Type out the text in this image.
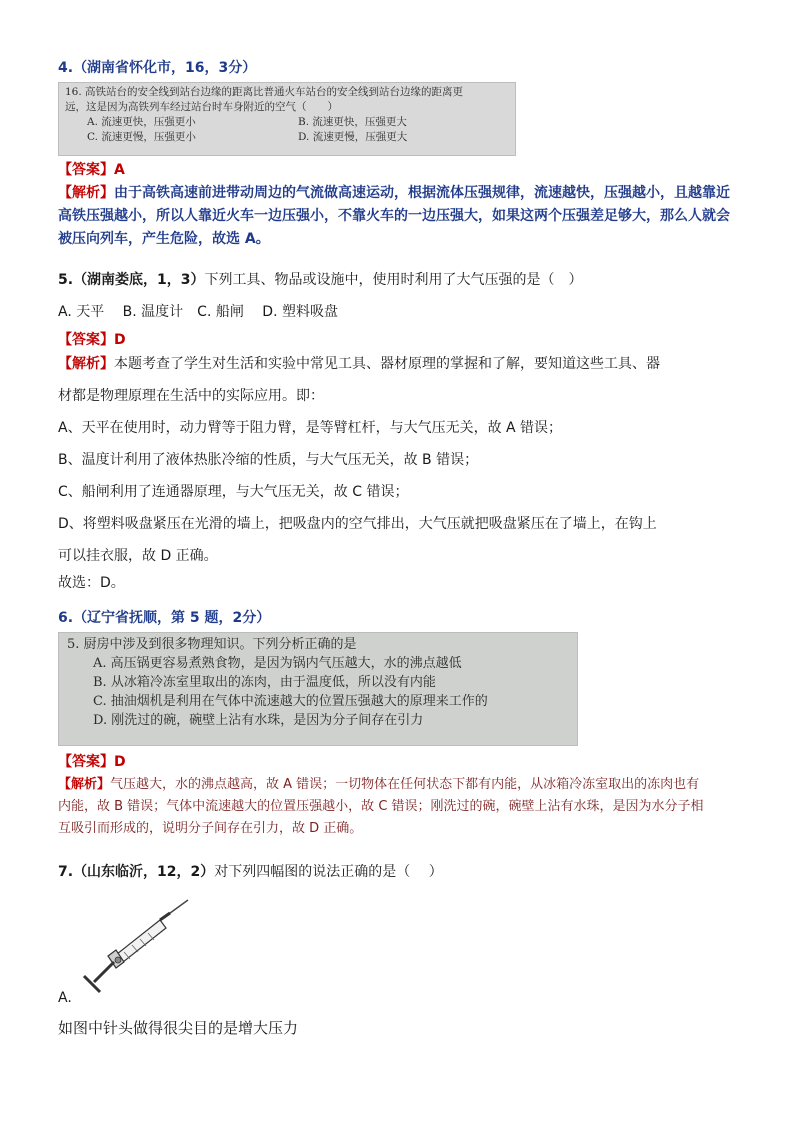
4.（湖南省怀化市，16，3分）
16. 高铁站台的安全线到站台边缘的距离比普通火车站台的安全线到站台边缘的距离更
远，这是因为高铁列车经过站台时车身附近的空气（　　）
A. 流速更快，压强更小	B. 流速更快，压强更大
C. 流速更慢，压强更小	D. 流速更慢，压强更大
【答案】A
【解析】由于高铁高速前进带动周边的气流做高速运动，根据流体压强规律，流速越快，压强越小，且越靠近
高铁压强越小，所以人靠近火车一边压强小，不靠火车的一边压强大，如果这两个压强差足够大，那么人就会
被压向列车，产生危险，故选 A。
5.（湖南娄底，1，3）下列工具、物品或设施中，使用时利用了大气压强的是（　）
A. 天平　 B. 温度计　C. 船闸　 D. 塑料吸盘
【答案】D
【解析】本题考查了学生对生活和实验中常见工具、器材原理的掌握和了解，要知道这些工具、器
材都是物理原理在生活中的实际应用。即：
A、天平在使用时，动力臂等于阻力臂，是等臂杠杆，与大气压无关，故 A 错误；
B、温度计利用了液体热胀冷缩的性质，与大气压无关，故 B 错误；
C、船闸利用了连通器原理，与大气压无关，故 C 错误；
D、将塑料吸盘紧压在光滑的墙上，把吸盘内的空气排出，大气压就把吸盘紧压在了墙上，在钩上
可以挂衣服，故 D 正确。
故选：D。
6.（辽宁省抚顺，第 5 题，2分）
5. 厨房中涉及到很多物理知识。下列分析正确的是
A. 高压锅更容易煮熟食物，是因为锅内气压越大，水的沸点越低
B. 从冰箱冷冻室里取出的冻肉，由于温度低，所以没有内能
C. 抽油烟机是利用在气体中流速越大的位置压强越大的原理来工作的
D. 刚洗过的碗，碗壁上沾有水珠，是因为分子间存在引力
【答案】D
【解析】气压越大，水的沸点越高，故 A 错误；一切物体在任何状态下都有内能，从冰箱冷冻室取出的冻肉也有
内能，故 B 错误；气体中流速越大的位置压强越小，故 C 错误；刚洗过的碗，碗壁上沾有水珠，是因为水分子相
互吸引而形成的，说明分子间存在引力，故 D 正确。
7.（山东临沂，12，2）对下列四幅图的说法正确的是（　 ）
A.
如图中针头做得很尖目的是增大压力
